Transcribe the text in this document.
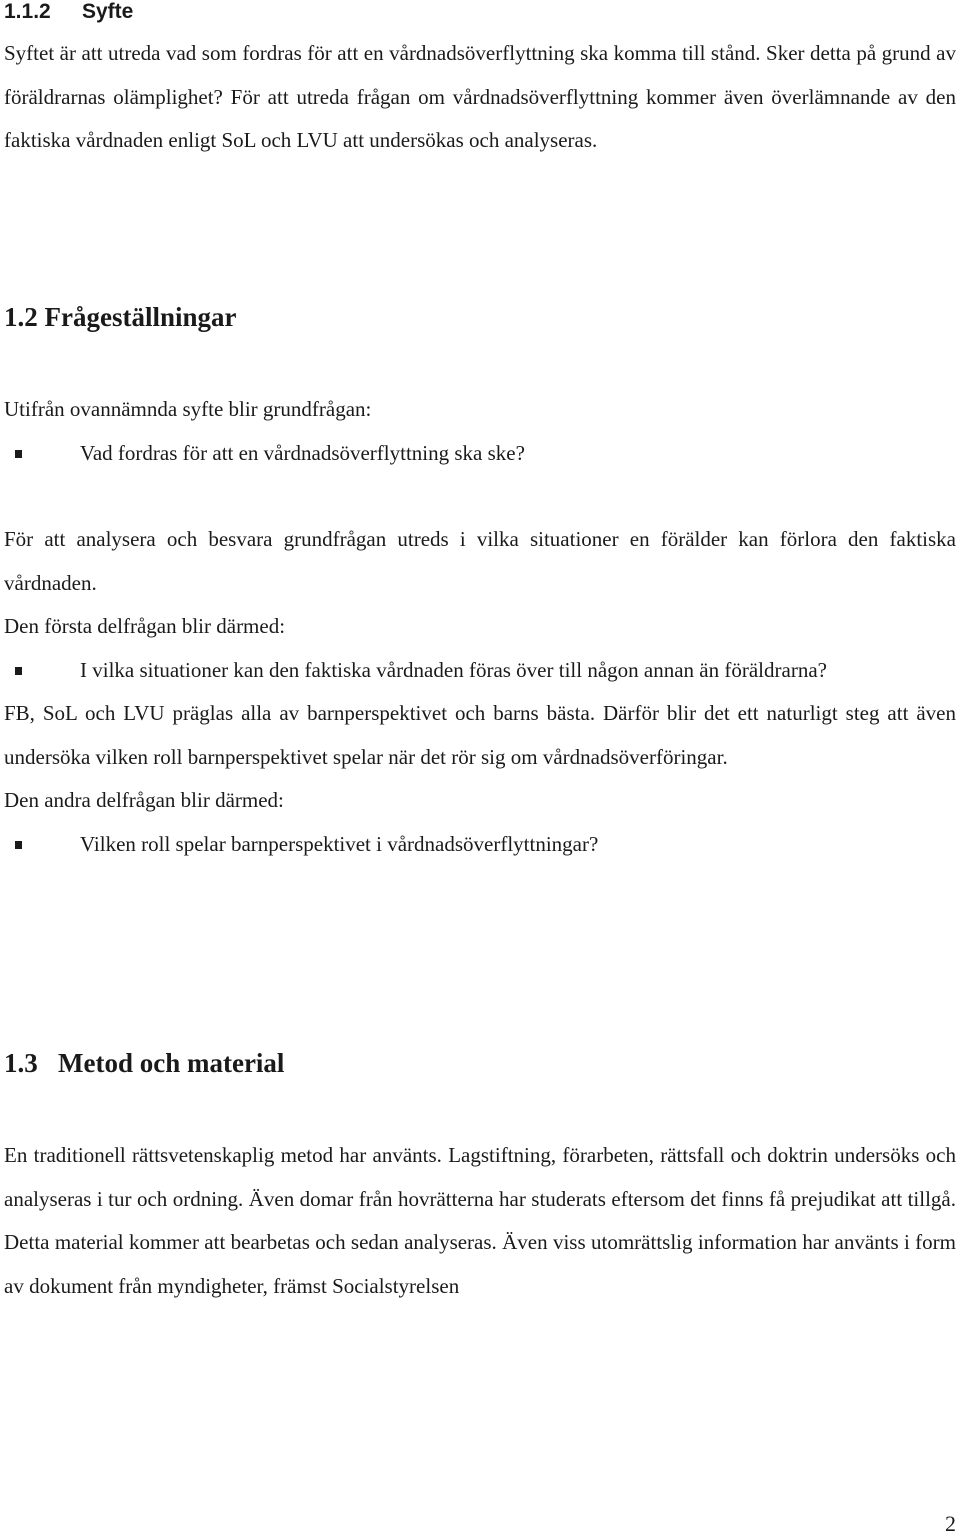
1.1.2 Syfte

Syftet är att utreda vad som fordras för att en vårdnadsöverflyttning ska komma till stånd. Sker detta på grund av föräldrarnas olämplighet? För att utreda frågan om vårdnadsöverflyttning kommer även överlämnande av den faktiska vårdnaden enligt SoL och LVU att undersökas och analyseras.

1.2 Frågeställningar

Utifrån ovannämnda syfte blir grundfrågan:

Vad fordras för att en vårdnadsöverflyttning ska ske?

För att analysera och besvara grundfrågan utreds i vilka situationer en förälder kan förlora den faktiska vårdnaden.

Den första delfrågan blir därmed:

I vilka situationer kan den faktiska vårdnaden föras över till någon annan än föräldrarna?

FB, SoL och LVU präglas alla av barnperspektivet och barns bästa. Därför blir det ett naturligt steg att även undersöka vilken roll barnperspektivet spelar när det rör sig om vårdnadsöverföringar.

Den andra delfrågan blir därmed:

Vilken roll spelar barnperspektivet i vårdnadsöverflyttningar?

1.3 Metod och material

En traditionell rättsvetenskaplig metod har använts. Lagstiftning, förarbeten, rättsfall och doktrin undersöks och analyseras i tur och ordning. Även domar från hovrätterna har studerats eftersom det finns få prejudikat att tillgå. Detta material kommer att bearbetas och sedan analyseras. Även viss utomrättslig information har använts i form av dokument från myndigheter, främst Socialstyrelsen

2
